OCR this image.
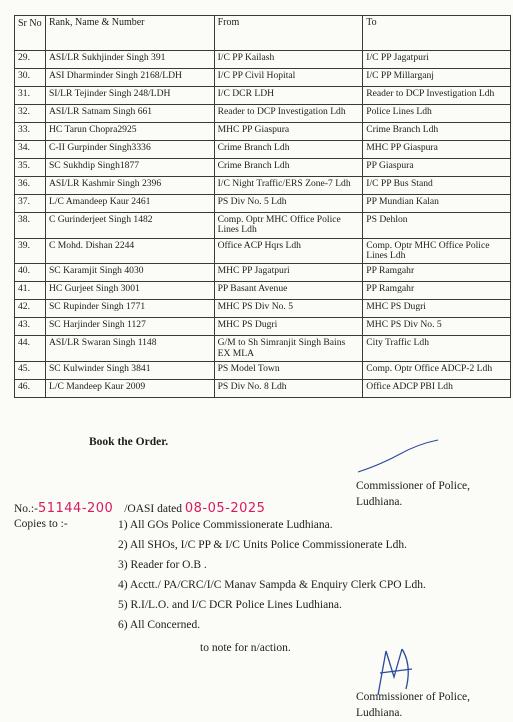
Sr No	Rank, Name & Number	From	To
29.	ASI/LR Sukhjinder Singh 391	I/C PP Kailash	I/C PP Jagatpuri
30.	ASI Dharminder Singh 2168/LDH	I/C PP Civil Hopital	I/C PP Millarganj
31.	SI/LR Tejinder Singh 248/LDH	I/C DCR LDH	Reader to DCP Investigation Ldh
32.	ASI/LR Satnam Singh 661	Reader to DCP Investigation Ldh	Police Lines Ldh
33.	HC Tarun Chopra2925	MHC PP Giaspura	Crime Branch Ldh
34.	C-II Gurpinder Singh3336	Crime Branch Ldh	MHC PP Giaspura
35.	SC Sukhdip Singh1877	Crime Branch Ldh	PP Giaspura
36.	ASI/LR Kashmir Singh 2396	I/C Night Traffic/ERS Zone-7 Ldh	I/C PP Bus Stand
37.	L/C Amandeep Kaur 2461	PS Div No. 5 Ldh	PP Mundian Kalan
38.	C Gurinderjeet Singh 1482	Comp. Optr MHC Office Police Lines Ldh	PS Dehlon
39.	C Mohd. Dishan 2244	Office ACP Hqrs Ldh	Comp. Optr MHC Office Police Lines Ldh
40.	SC Karamjit Singh 4030	MHC PP Jagatpuri	PP Ramgahr
41.	HC Gurjeet Singh 3001	PP Basant Avenue	PP Ramgahr
42.	SC Rupinder Singh 1771	MHC PS Div No. 5	MHC PS Dugri
43.	SC Harjinder Singh 1127	MHC PS Dugri	MHC PS Div No. 5
44.	ASI/LR Swaran Singh 1148	G/M to Sh Simranjit Singh Bains EX MLA	City Traffic Ldh
45.	SC Kulwinder Singh 3841	PS Model Town	Comp. Optr Office ADCP-2 Ldh
46.	L/C Mandeep Kaur 2009	PS Div No. 8 Ldh	Office ADCP PBI Ldh
Book the Order.
Commissioner of Police,
Ludhiana.
No.:-51144-200 /OASI dated 08-05-2025
Copies to :-	1) All GOs Police Commissionerate Ludhiana.
2) All SHOs, I/C PP & I/C Units Police Commissionerate Ldh.
3) Reader for O.B .
4) Acctt./ PA/CRC/I/C Manav Sampda & Enquiry Clerk CPO Ldh.
5) R.I/L.O. and I/C DCR Police Lines Ludhiana.
6) All Concerned.
to note for n/action.
Commissioner of Police,
Ludhiana.
